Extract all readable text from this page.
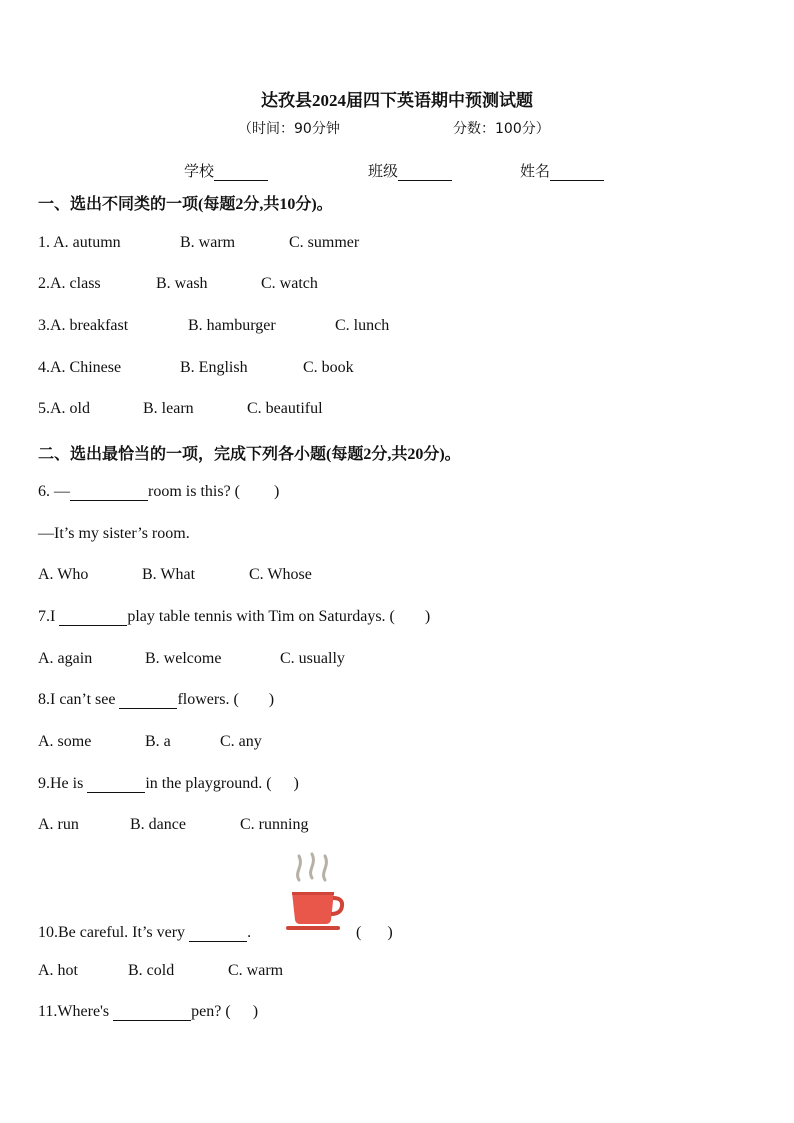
达孜县2024届四下英语期中预测试题
（时间：90分钟	分数：100分）
学校	班级	姓名
一、选出不同类的一项(每题2分,共10分)。
1. A. autumn	B. warm	C. summer
2.A. class	B. wash	C. watch
3.A. breakfast	B. hamburger	C. lunch
4.A. Chinese	B. English	C. book
5.A. old	B. learn	C. beautiful
二、选出最恰当的一项，完成下列各小题(每题2分,共20分)。
6. —	room is this? ( )
—It’s my sister’s room.
A. Who	B. What	C. Whose
7.I	play table tennis with Tim on Saturdays. ( )
A. again	B. welcome	C. usually
8.I can’t see	flowers. ( )
A. some	B. a	C. any
9.He is	in the playground. ( )
A. run	B. dance	C. running
10.Be careful. It’s very	.	( )
A. hot	B. cold	C. warm
11.Where's	pen? ( )
